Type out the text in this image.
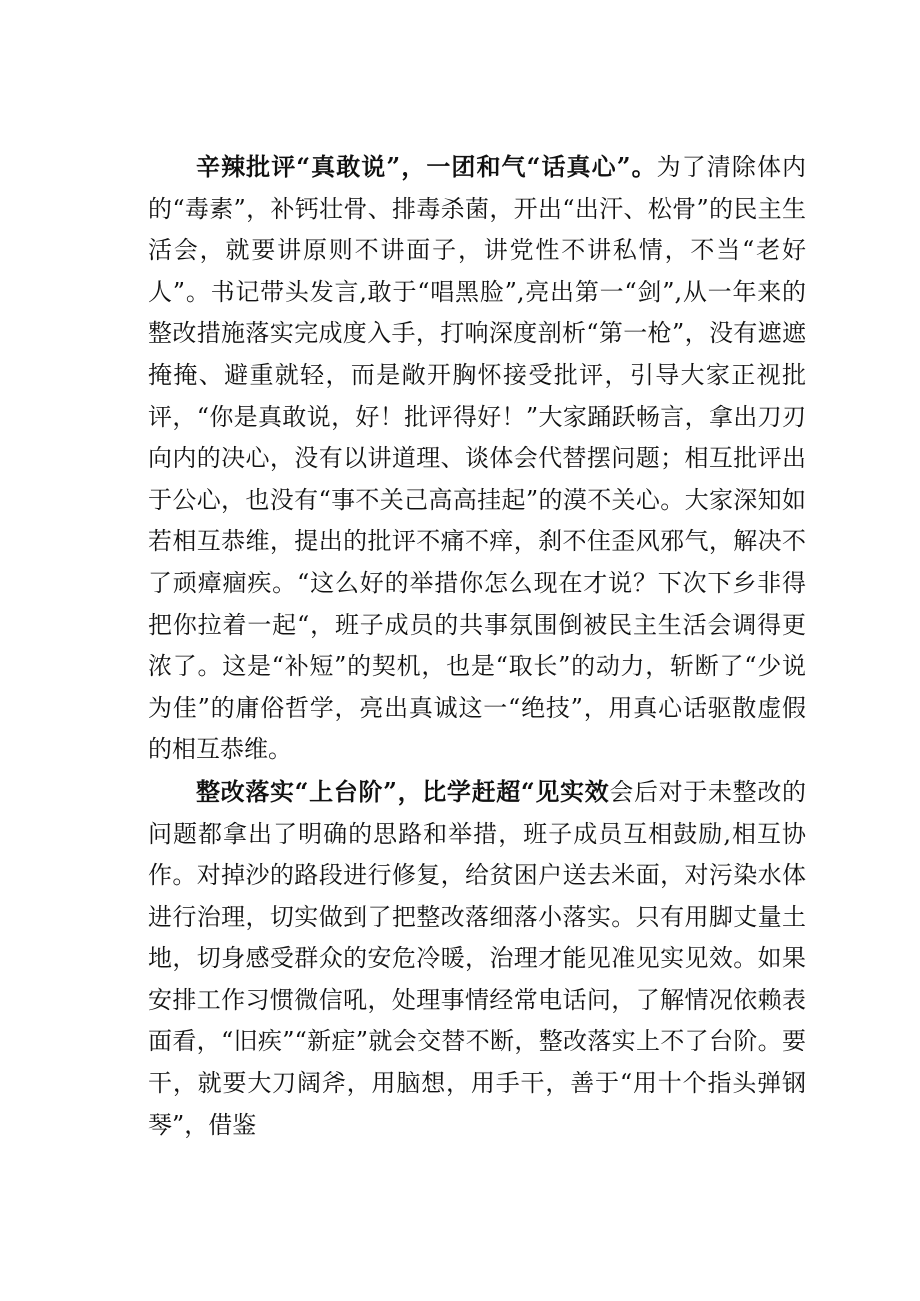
辛辣批评“真敢说”，一团和气“话真心”。为了清除体内的“毒素”，补钙壮骨、排毒杀菌，开出“出汗、松骨”的民主生活会，就要讲原则不讲面子，讲党性不讲私情，不当“老好人”。书记带头发言,敢于“唱黑脸”,亮出第一“剑”,从一年来的整改措施落实完成度入手，打响深度剖析“第一枪”，没有遮遮掩掩、避重就轻，而是敞开胸怀接受批评，引导大家正视批评，“你是真敢说，好！批评得好！”大家踊跃畅言，拿出刀刃向内的决心，没有以讲道理、谈体会代替摆问题；相互批评出于公心，也没有“事不关己高高挂起”的漠不关心。大家深知如若相互恭维，提出的批评不痛不痒，刹不住歪风邪气，解决不了顽瘴痼疾。“这么好的举措你怎么现在才说？下次下乡非得把你拉着一起“，班子成员的共事氛围倒被民主生活会调得更浓了。这是“补短”的契机，也是“取长”的动力，斩断了“少说为佳”的庸俗哲学，亮出真诚这一“绝技”，用真心话驱散虚假的相互恭维。

整改落实“上台阶”，比学赶超“见实效会后对于未整改的问题都拿出了明确的思路和举措，班子成员互相鼓励,相互协作。对掉沙的路段进行修复，给贫困户送去米面，对污染水体进行治理，切实做到了把整改落细落小落实。只有用脚丈量土地，切身感受群众的安危冷暖，治理才能见准见实见效。如果安排工作习惯微信吼，处理事情经常电话问，了解情况依赖表面看，“旧疾”“新症”就会交替不断，整改落实上不了台阶。要干，就要大刀阔斧，用脑想，用手干，善于“用十个指头弹钢琴”，借鉴
